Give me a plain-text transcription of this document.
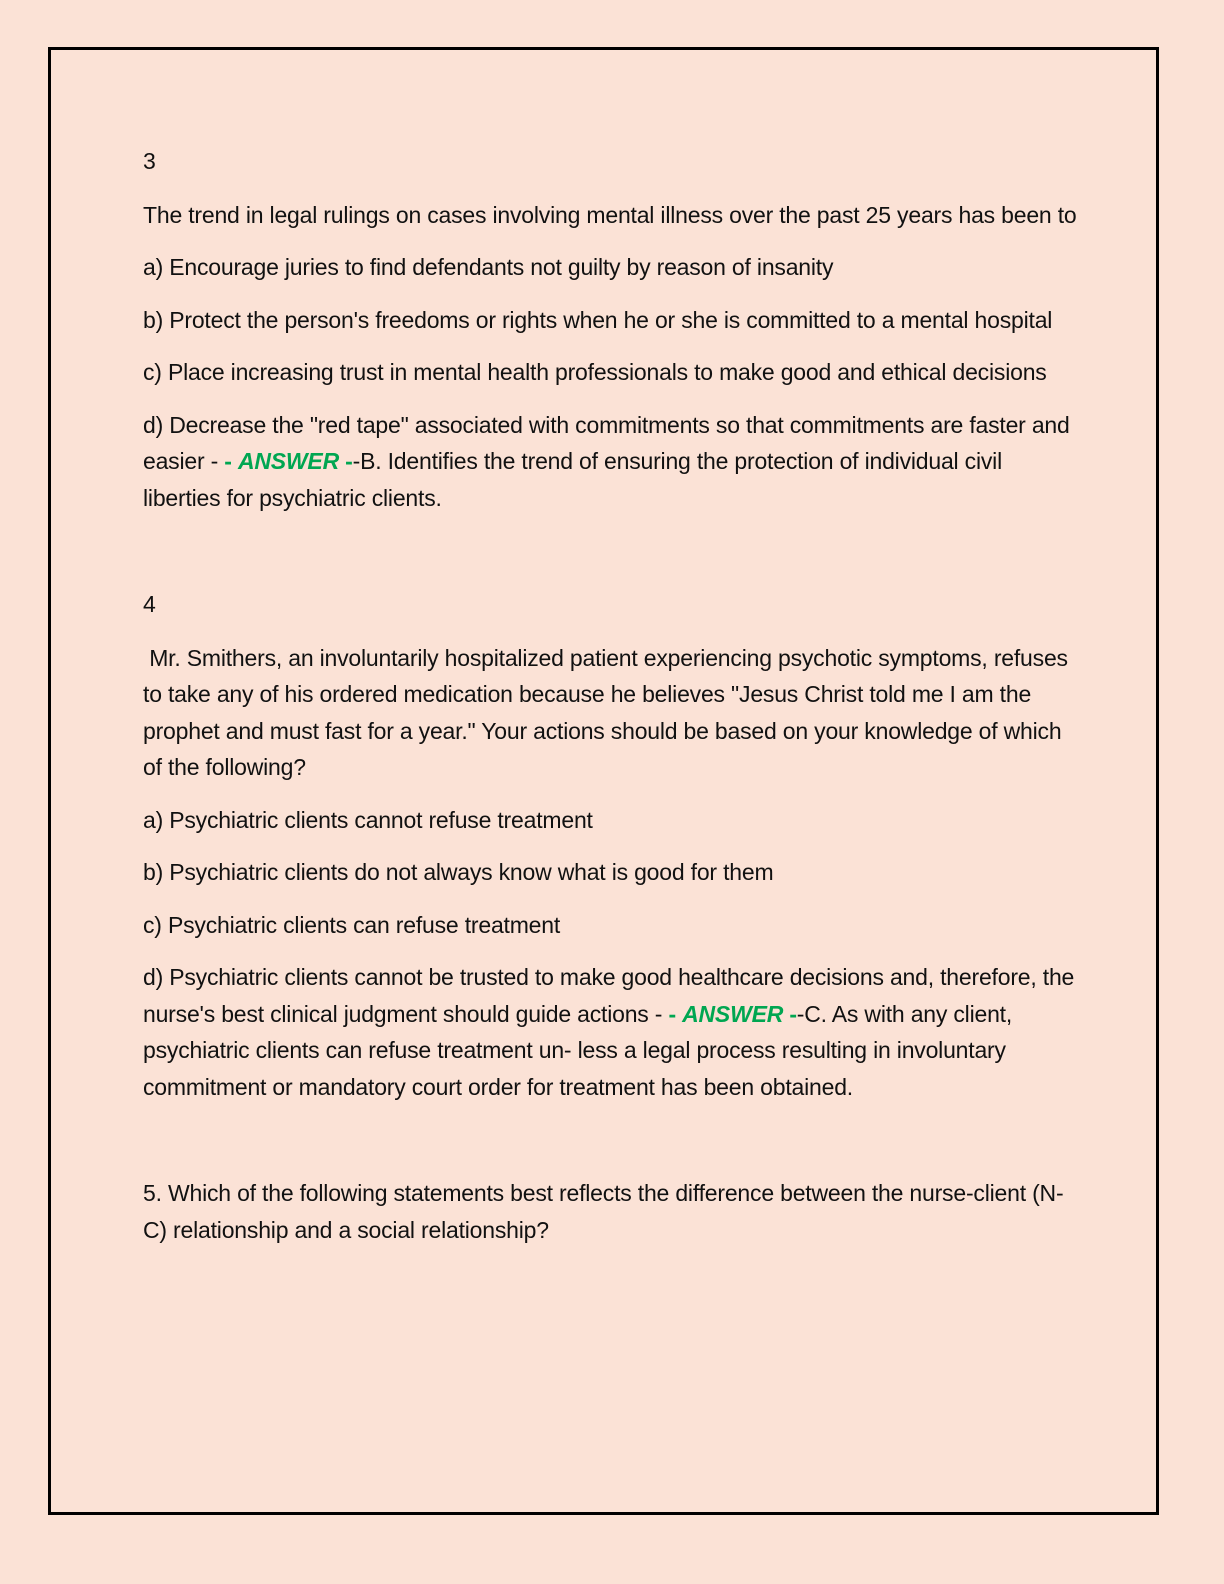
3

The trend in legal rulings on cases involving mental illness over the past 25 years has been to

a) Encourage juries to find defendants not guilty by reason of insanity

b) Protect the person's freedoms or rights when he or she is committed to a mental hospital

c) Place increasing trust in mental health professionals to make good and ethical decisions

d) Decrease the "red tape" associated with commitments so that commitments are faster and easier - - ANSWER --B. Identifies the trend of ensuring the protection of individual civil liberties for psychiatric clients.

4

Mr. Smithers, an involuntarily hospitalized patient experiencing psychotic symptoms, refuses to take any of his ordered medication because he believes "Jesus Christ told me I am the prophet and must fast for a year." Your actions should be based on your knowledge of which of the following?

a) Psychiatric clients cannot refuse treatment

b) Psychiatric clients do not always know what is good for them

c) Psychiatric clients can refuse treatment

d) Psychiatric clients cannot be trusted to make good healthcare decisions and, therefore, the nurse's best clinical judgment should guide actions - - ANSWER --C. As with any client, psychiatric clients can refuse treatment un- less a legal process resulting in involuntary commitment or mandatory court order for treatment has been obtained.

5. Which of the following statements best reflects the difference between the nurse-client (N-C) relationship and a social relationship?
